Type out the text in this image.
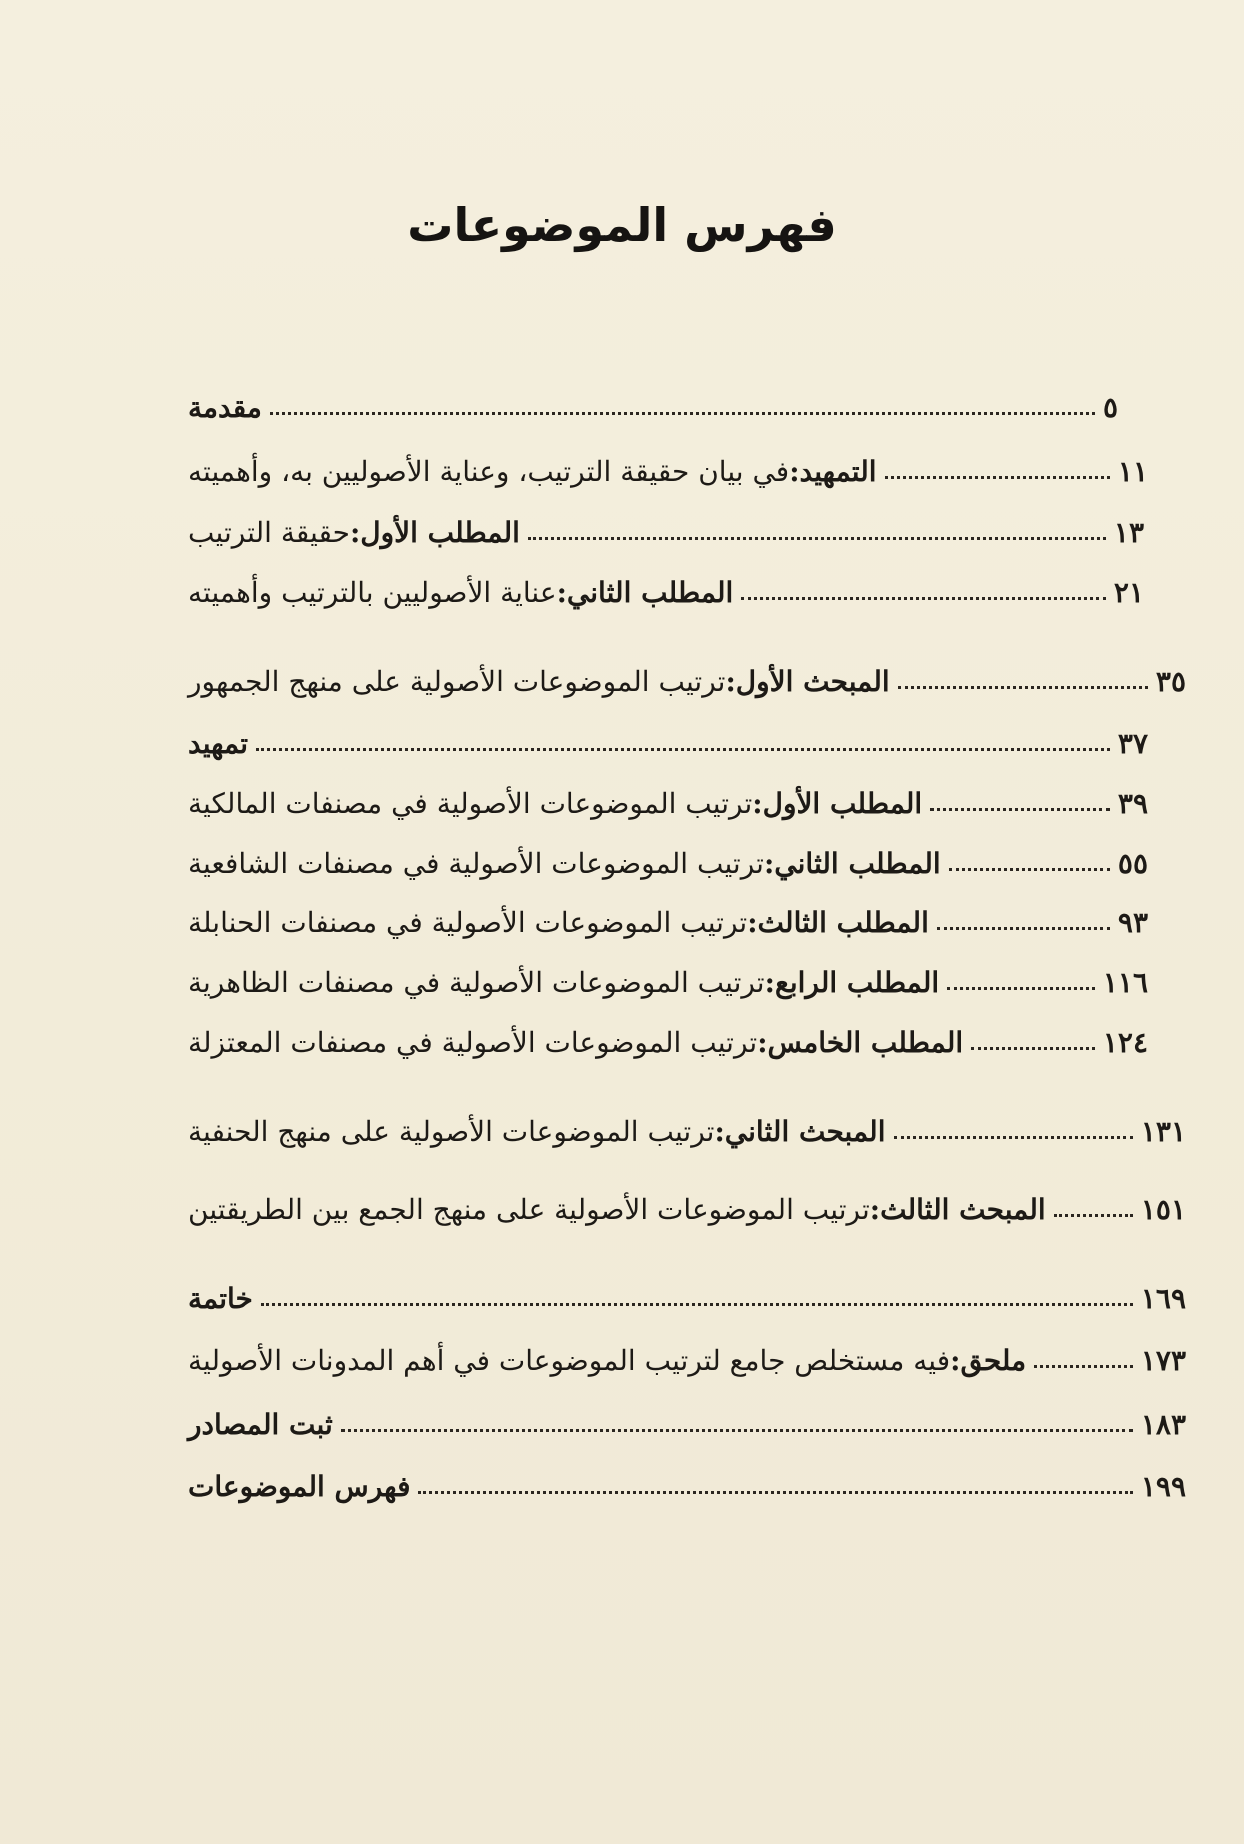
فهرس الموضوعات
مقدمة	٥
التمهيد:
في بيان حقيقة الترتيب، وعناية الأصوليين به، وأهميته	١١
المطلب الأول:
حقيقة الترتيب	١٣
المطلب الثاني:
عناية الأصوليين بالترتيب وأهميته	٢١
المبحث الأول:
ترتيب الموضوعات الأصولية على منهج الجمهور	٣٥
تمهيد	٣٧
المطلب الأول:
ترتيب الموضوعات الأصولية في مصنفات المالكية	٣٩
المطلب الثاني:
ترتيب الموضوعات الأصولية في مصنفات الشافعية	٥٥
المطلب الثالث:
ترتيب الموضوعات الأصولية في مصنفات الحنابلة	٩٣
المطلب الرابع:
ترتيب الموضوعات الأصولية في مصنفات الظاهرية	١١٦
المطلب الخامس:
ترتيب الموضوعات الأصولية في مصنفات المعتزلة	١٢٤
المبحث الثاني:
ترتيب الموضوعات الأصولية على منهج الحنفية	١٣١
المبحث الثالث:
ترتيب الموضوعات الأصولية على منهج الجمع بين الطريقتين	١٥١
خاتمة	١٦٩
ملحق:
فيه مستخلص جامع لترتيب الموضوعات في أهم المدونات الأصولية	١٧٣
ثبت المصادر	١٨٣
فهرس الموضوعات	١٩٩
